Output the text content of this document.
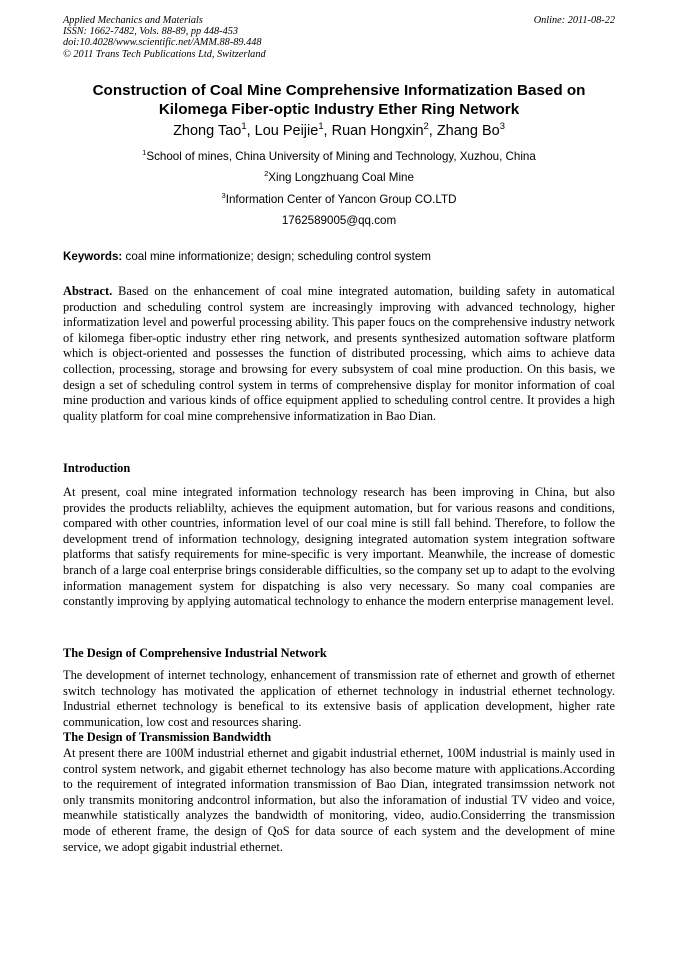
Applied Mechanics and Materials
ISSN: 1662-7482, Vols. 88-89, pp 448-453
doi:10.4028/www.scientific.net/AMM.88-89.448
© 2011 Trans Tech Publications Ltd, Switzerland
Online: 2011-08-22
Construction of Coal Mine Comprehensive Informatization Based on
Kilomega Fiber-optic Industry Ether Ring Network
Zhong Tao$^1$, Lou Peijie$^1$, Ruan Hongxin$^2$, Zhang Bo$^3$
$^1$School of mines, China University of Mining and Technology, Xuzhou, China
$^2$Xing Longzhuang Coal Mine
$^3$Information Center of Yancon Group CO.LTD
1762589005@qq.com
Keywords: coal mine informationize; design; scheduling control system
Abstract. Based on the enhancement of coal mine integrated automation, building safety in automatical production and scheduling control system are increasingly improving with advanced technology, higher informatization level and powerful processing ability. This paper foucs on the comprehensive industry network of kilomega fiber-optic industry ether ring network, and presents synthesized automation software platform which is object-oriented and possesses the function of distributed processing, which aims to achieve data collection, processing, storage and browsing for every subsystem of coal mine production. On this basis, we design a set of scheduling control system in terms of comprehensive display for monitor information of coal mine production and various kinds of office equipment applied to scheduling control centre. It provides a high quality platform for coal mine comprehensive informatization in Bao Dian.
Introduction
At present, coal mine integrated information technology research has been improving in China, but also provides the products reliablilty, achieves the equipment automation, but for various reasons and conditions, compared with other countries, information level of our coal mine is still fall behind. Therefore, to follow the development trend of information technology, designing integrated automation system integration software platforms that satisfy requirements for mine-specific is very important. Meanwhile, the increase of domestic branch of a large coal enterprise brings considerable difficulties, so the company set up to adapt to the evolving information management system for dispatching is also very necessary. So many coal companies are constantly improving by applying automatical technology to enhance the modern enterprise management level.
The Design of Comprehensive Industrial Network
The development of internet technology, enhancement of transmission rate of ethernet and growth of ethernet switch technology has motivated the application of ethernet technology in industrial ethernet technology. Industrial ethernet technology is benefical to its extensive basis of application development, higher rate communication, low cost and resources sharing.
The Design of Transmission Bandwidth
At present there are 100M industrial ethernet and gigabit industrial ethernet, 100M industrial is mainly used in control system network, and gigabit ethernet technology has also become mature with applications.According to the requirement of integrated information transmission of Bao Dian, integrated transimssion network not only transmits monitoring andcontrol information, but also the inforamation of industial TV video and voice, meanwhile statistically analyzes the bandwidth of monitoring, video, audio.Considerring the transmission mode of etherent frame, the design of QoS for data source of each system and the development of mine service, we adopt gigabit industrial ethernet.
